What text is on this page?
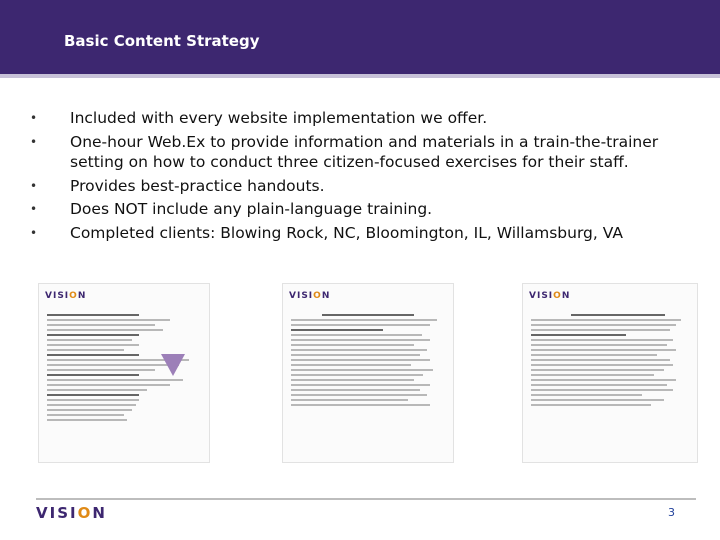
Basic Content Strategy
• Included with every website implementation we offer.
• One-hour Web.Ex to provide information and materials in a train-the-trainer setting on how to conduct three citizen-focused exercises for their staff.
• Provides best-practice handouts.
• Does NOT include any plain-language training.
• Completed clients: Blowing Rock, NC, Bloomington, IL, Willamsburg, VA
VISION	VISION	VISION
VISION	3
